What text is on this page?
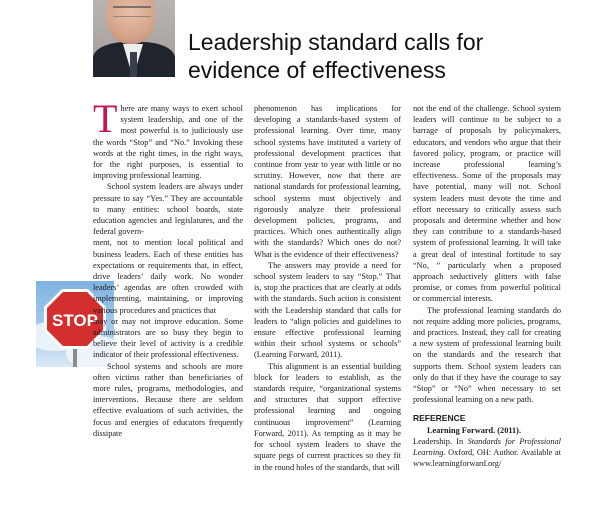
Leadership standard calls for evidence of effectiveness
STOP

T here are many ways to exert school system leadership, and one of the most powerful is to judiciously use the words “Stop” and “No.” Invoking these words at the right times, in the right ways, for the right purposes, is essential to improving professional learning.

School system leaders are always under pressure to say “Yes.” They are accountable to many entities: school boards, state education agencies and legislatures, and the federal govern-

ment, not to mention local political and business leaders. Each of these entities has expectations or requirements that, in effect, drive leaders’ daily work. No wonder leaders’ agendas are often crowded with implementing, maintaining, or improving various procedures and practices that

may or may not improve education. Some administrators are so busy they begin to believe their level of activity is a credible indicator of their professional effectiveness.

School systems and schools are more often victims rather than beneficiaries of more rules, programs, methodologies, and interventions. Because there are seldom effective evaluations of such activities, the focus and energies of educators frequently dissipate

phenomenon has implications for developing a standards-based system of professional learning. Over time, many school systems have instituted a variety of professional development practices that continue from year to year with little or no scrutiny. However, now that there are national standards for professional learning, school systems must objectively and rigorously analyze their professional development policies, programs, and practices. Which ones authentically align with the standards? Which ones do not? What is the evidence of their effectiveness?

The answers may provide a need for school system leaders to say “Stop.” That is, stop the practices that are clearly at odds with the standards. Such action is consistent with the Leadership standard that calls for leaders to “align policies and guidelines to ensure effective professional learning within their school systems or schools” (Learning Forward, 2011).

This alignment is an essential building block for leaders to establish, as the standards require, “organizational systems and structures that support effective professional learning and ongoing continuous improvement” (Learning Forward, 2011). As tempting as it may be for school system leaders to shave the square pegs of current practices so they fit in the round holes of the standards, that will

not the end of the challenge. School system leaders will continue to be subject to a barrage of proposals by policymakers, educators, and vendors who argue that their favored policy, program, or practice will increase professional learning’s effectiveness. Some of the proposals may have potential, many will not. School system leaders must devote the time and effort necessary to critically assess such proposals and determine whether and how they can contribute to a standards-based system of professional learning. It will take a great deal of intestinal fortitude to say “No, ” particularly when a proposed approach seductively glitters with false promise, or comes from powerful political or commercial interests.

The professional learning standards do not require adding more policies, programs, and practices. Instead, they call for creating a new system of professional learning built on the standards and the research that supports them. School system leaders can only do that if they have the courage to say “Stop” or “No” when necessary to set professional learning on a new path.

REFERENCE

Learning Forward. (2011).

Leadership. In Standards for Professional Learning. Oxford, OH: Author. Available at www.learningforward.org/
